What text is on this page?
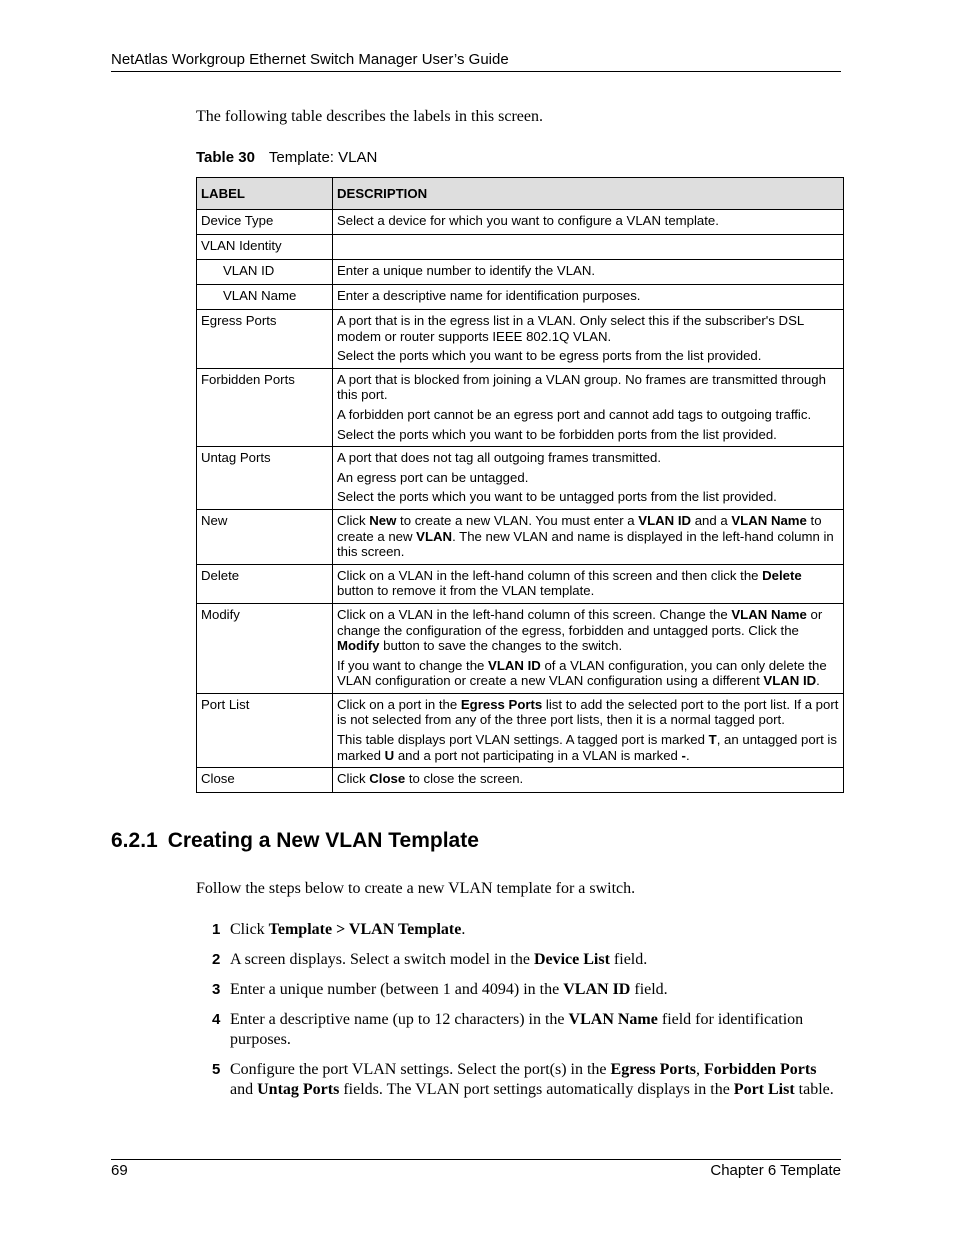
NetAtlas Workgroup Ethernet Switch Manager User’s Guide
The following table describes the labels in this screen.
Table 30 Template: VLAN
LABEL	DESCRIPTION
Device Type	Select a device for which you want to configure a VLAN template.
VLAN Identity	
VLAN ID	Enter a unique number to identify the VLAN.
VLAN Name	Enter a descriptive name for identification purposes.
Egress Ports	A port that is in the egress list in a VLAN. Only select this if the subscriber's DSL modem or router supports IEEE 802.1Q VLAN.

Select the ports which you want to be egress ports from the list provided.

Forbidden Ports	A port that is blocked from joining a VLAN group. No frames are transmitted through this port.

A forbidden port cannot be an egress port and cannot add tags to outgoing traffic.

Select the ports which you want to be forbidden ports from the list provided.

Untag Ports	A port that does not tag all outgoing frames transmitted.

An egress port can be untagged.

Select the ports which you want to be untagged ports from the list provided.

New	Click New to create a new VLAN. You must enter a VLAN ID and a VLAN Name to create a new VLAN. The new VLAN and name is displayed in the left-hand column in this screen.

Delete	Click on a VLAN in the left-hand column of this screen and then click the Delete button to remove it from the VLAN template.

Modify	Click on a VLAN in the left-hand column of this screen. Change the VLAN Name or change the configuration of the egress, forbidden and untagged ports. Click the Modify button to save the changes to the switch.

If you want to change the VLAN ID of a VLAN configuration, you can only delete the VLAN configuration or create a new VLAN configuration using a different VLAN ID.

Port List	Click on a port in the Egress Ports list to add the selected port to the port list. If a port is not selected from any of the three port lists, then it is a normal tagged port.

This table displays port VLAN settings. A tagged port is marked T, an untagged port is marked U and a port not participating in a VLAN is marked -.

Close	Click Close to close the screen.
6.2.1 Creating a New VLAN Template
Follow the steps below to create a new VLAN template for a switch.
1 Click Template > VLAN Template.
2 A screen displays. Select a switch model in the Device List field.
3 Enter a unique number (between 1 and 4094) in the VLAN ID field.
4 Enter a descriptive name (up to 12 characters) in the VLAN Name field for identification purposes.
5 Configure the port VLAN settings. Select the port(s) in the Egress Ports, Forbidden Ports and Untag Ports fields. The VLAN port settings automatically displays in the Port List table.
69	Chapter 6 Template
